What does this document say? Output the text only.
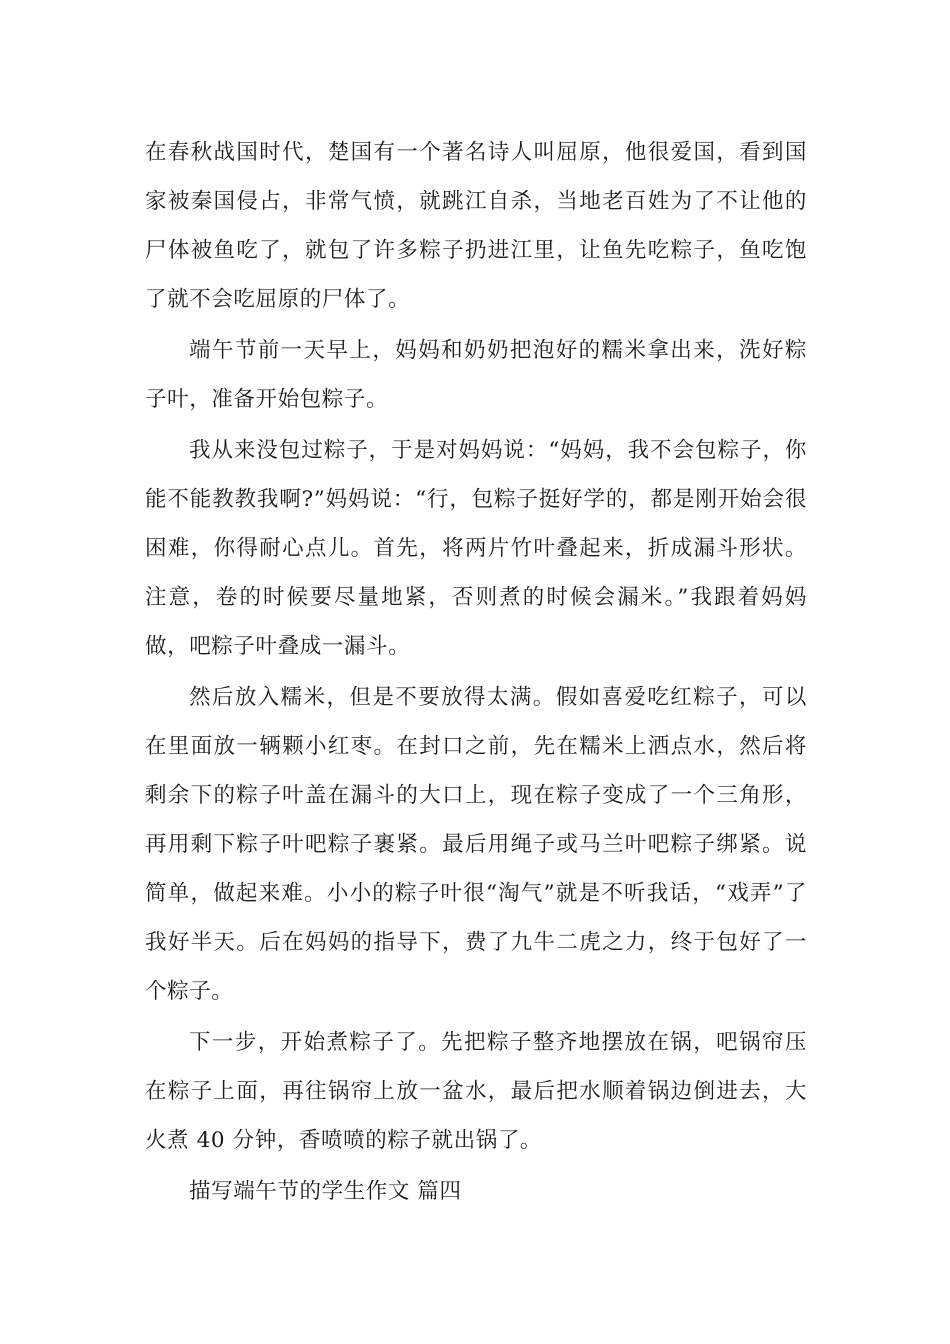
在春秋战国时代，楚国有一个著名诗人叫屈原，他很爱国，看到国家被秦国侵占，非常气愤，就跳江自杀，当地老百姓为了不让他的尸体被鱼吃了，就包了许多粽子扔进江里，让鱼先吃粽子，鱼吃饱了就不会吃屈原的尸体了。

端午节前一天早上，妈妈和奶奶把泡好的糯米拿出来，洗好粽子叶，准备开始包粽子。

我从来没包过粽子，于是对妈妈说：“妈妈，我不会包粽子，你能不能教教我啊?”妈妈说：“行，包粽子挺好学的，都是刚开始会很困难，你得耐心点儿。首先，将两片竹叶叠起来，折成漏斗形状。注意，卷的时候要尽量地紧，否则煮的时候会漏米。”我跟着妈妈做，吧粽子叶叠成一漏斗。

然后放入糯米，但是不要放得太满。假如喜爱吃红粽子，可以在里面放一辆颗小红枣。在封口之前，先在糯米上洒点水，然后将剩余下的粽子叶盖在漏斗的大口上，现在粽子变成了一个三角形，再用剩下粽子叶吧粽子裹紧。最后用绳子或马兰叶吧粽子绑紧。说简单，做起来难。小小的粽子叶很“淘气”就是不听我话，“戏弄”了我好半天。后在妈妈的指导下，费了九牛二虎之力，终于包好了一个粽子。

下一步，开始煮粽子了。先把粽子整齐地摆放在锅，吧锅帘压在粽子上面，再往锅帘上放一盆水，最后把水顺着锅边倒进去，大火煮 40 分钟，香喷喷的粽子就出锅了。

描写端午节的学生作文 篇四
